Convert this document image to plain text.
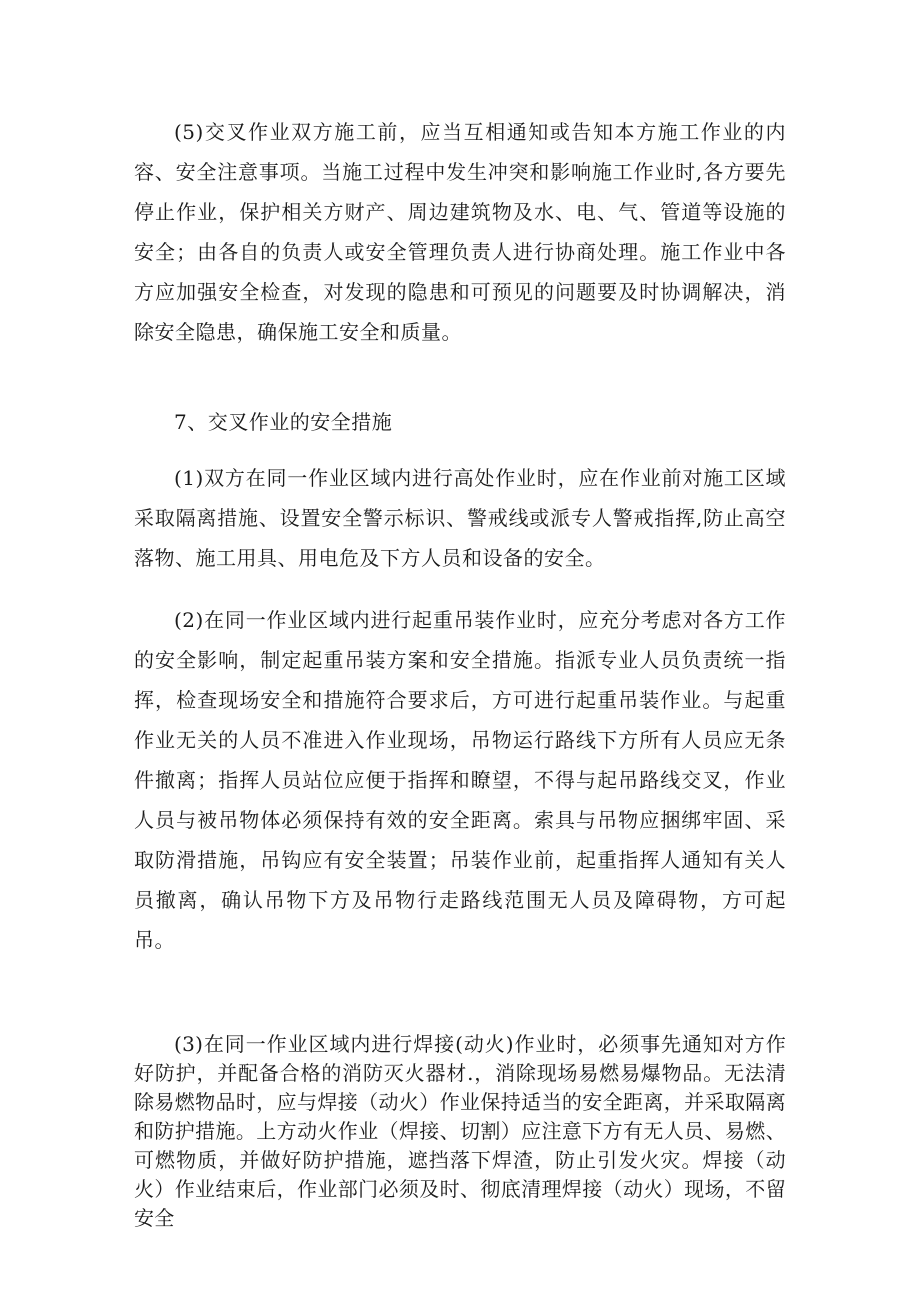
(5)交叉作业双方施工前，应当互相通知或告知本方施工作业的内容、安全注意事项。当施工过程中发生冲突和影响施工作业时,各方要先停止作业，保护相关方财产、周边建筑物及水、电、气、管道等设施的安全；由各自的负责人或安全管理负责人进行协商处理。施工作业中各方应加强安全检查，对发现的隐患和可预见的问题要及时协调解决，消除安全隐患，确保施工安全和质量。

7、交叉作业的安全措施

(1)双方在同一作业区域内进行高处作业时，应在作业前对施工区域采取隔离措施、设置安全警示标识、警戒线或派专人警戒指挥,防止高空落物、施工用具、用电危及下方人员和设备的安全。

(2)在同一作业区域内进行起重吊装作业时，应充分考虑对各方工作的安全影响，制定起重吊装方案和安全措施。指派专业人员负责统一指挥，检查现场安全和措施符合要求后，方可进行起重吊装作业。与起重作业无关的人员不准进入作业现场，吊物运行路线下方所有人员应无条件撤离；指挥人员站位应便于指挥和瞭望，不得与起吊路线交叉，作业人员与被吊物体必须保持有效的安全距离。索具与吊物应捆绑牢固、采取防滑措施，吊钩应有安全装置；吊装作业前，起重指挥人通知有关人员撤离，确认吊物下方及吊物行走路线范围无人员及障碍物，方可起吊。

(3)在同一作业区域内进行焊接(动火)作业时，必须事先通知对方作好防护，并配备合格的消防灭火器材.，消除现场易燃易爆物品。无法清除易燃物品时，应与焊接（动火）作业保持适当的安全距离，并采取隔离和防护措施。上方动火作业（焊接、切割）应注意下方有无人员、易燃、可燃物质，并做好防护措施，遮挡落下焊渣，防止引发火灾。焊接（动火）作业结束后，作业部门必须及时、彻底清理焊接（动火）现场，不留安全
